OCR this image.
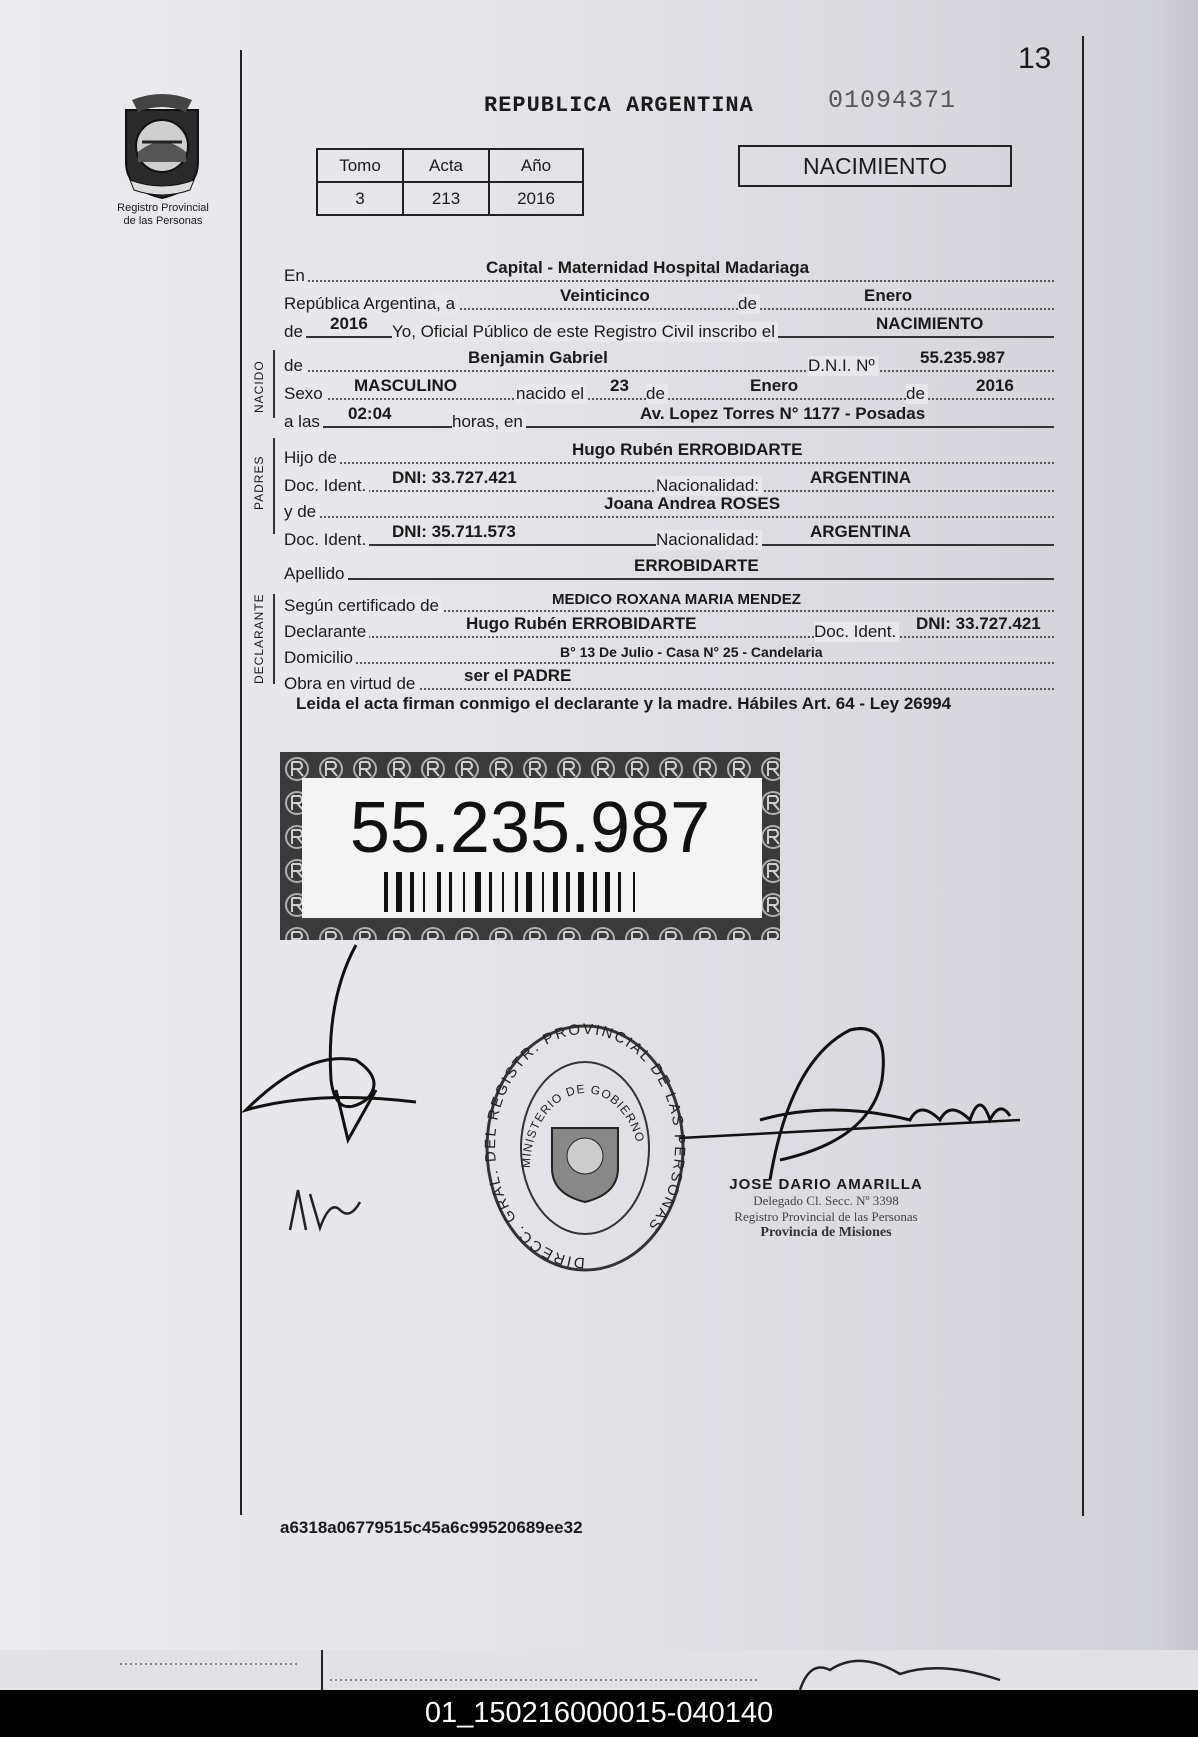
13
Registro Provincial
de las Personas
REPUBLICA ARGENTINA	01094371
Tomo	Acta	Año
3	213	2016
NACIMIENTO
En	Capital - Maternidad Hospital Madariaga
República Argentina, a	Veinticinco	de	Enero
de 2016 Yo, Oficial Público de este Registro Civil inscribo el	NACIMIENTO
NACIDO de	Benjamin Gabriel	D.N.I. Nº	55.235.987
Sexo MASCULINO	nacido el 23 de	Enero	de	2016
a las 02:04	horas, en	Av. Lopez Torres N° 1177 - Posadas
PADRES Hijo de	Hugo Rubén ERROBIDARTE
Doc. Ident. DNI: 33.727.421	Nacionalidad:	ARGENTINA
y de	Joana Andrea ROSES
Doc. Ident. DNI: 35.711.573	Nacionalidad:	ARGENTINA
Apellido	ERROBIDARTE
DECLARANTE Según certificado de	MEDICO ROXANA MARIA MENDEZ
Declarante	Hugo Rubén ERROBIDARTE	Doc. Ident. DNI: 33.727.421
Domicilio	B° 13 De Julio - Casa N° 25 - Candelaria
Obra en virtud de	ser el PADRE
Leida el acta firman conmigo el declarante y la madre. Hábiles Art. 64 - Ley 26994
55.235.987
DIRECC. GRAL. DEL REGISTR. PROVINCIAL DE LAS PERSONAS
MINISTERIO DE GOBIERNO
JOSE DARIO AMARILLA
Delegado Cl. Secc. Nº 3398
Registro Provincial de las Personas
Provincia de Misiones
a6318a06779515c45a6c99520689ee32
01_150216000015-040140
